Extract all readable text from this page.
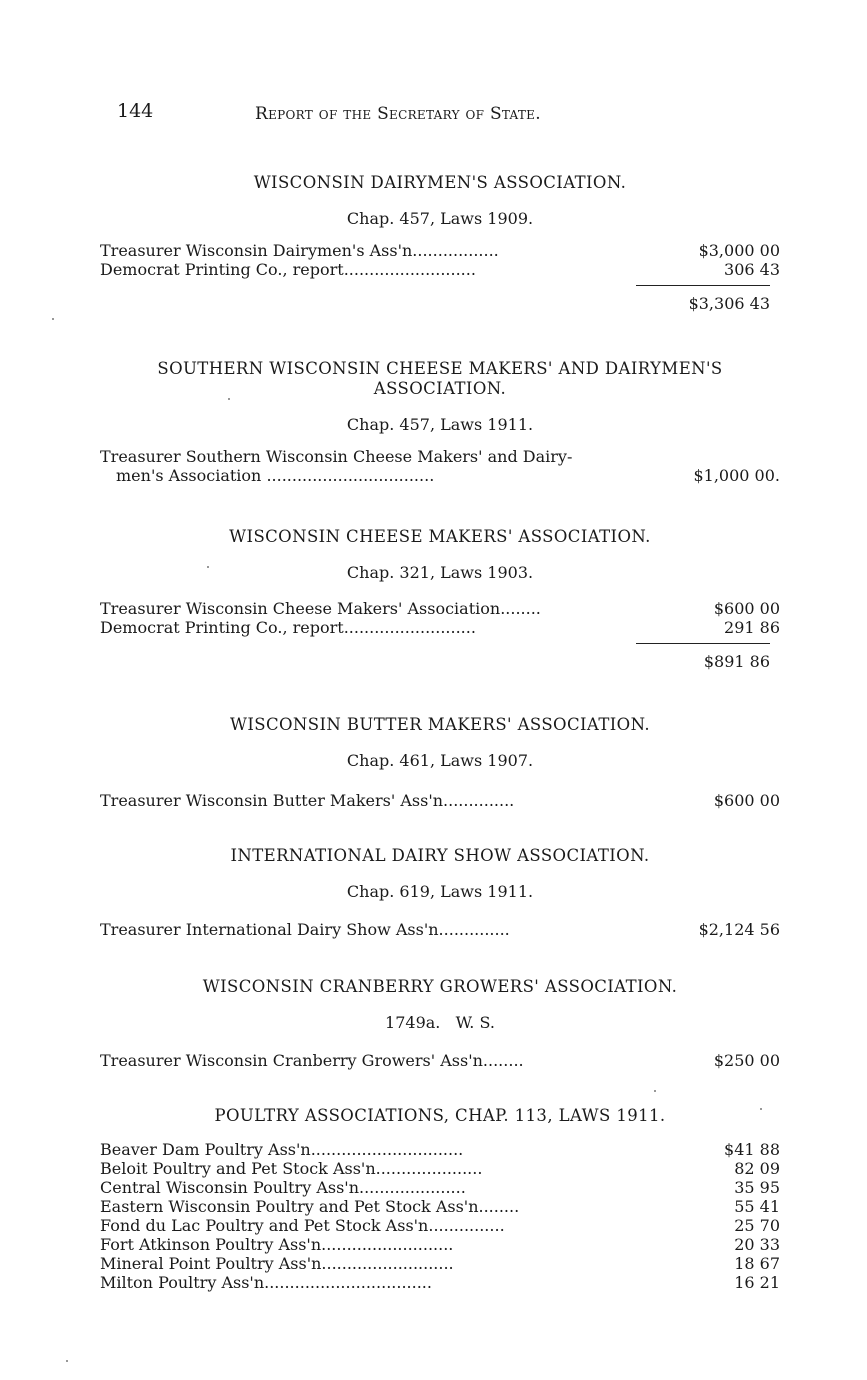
144	Report of the Secretary of State.
WISCONSIN DAIRYMEN'S ASSOCIATION.
Chap. 457, Laws 1909.
Treasurer Wisconsin Dairymen's Ass'n.................	$3,000 00
Democrat Printing Co., report..........................	306 43
$3,306 43
SOUTHERN WISCONSIN CHEESE MAKERS' AND DAIRYMEN'S
ASSOCIATION.
Chap. 457, Laws 1911.
Treasurer Southern Wisconsin Cheese Makers' and Dairy-
men's Association .................................	$1,000 00.
WISCONSIN CHEESE MAKERS' ASSOCIATION.
Chap. 321, Laws 1903.
Treasurer Wisconsin Cheese Makers' Association........	$600 00
Democrat Printing Co., report..........................	291 86
$891 86
WISCONSIN BUTTER MAKERS' ASSOCIATION.
Chap. 461, Laws 1907.
Treasurer Wisconsin Butter Makers' Ass'n..............	$600 00
INTERNATIONAL DAIRY SHOW ASSOCIATION.
Chap. 619, Laws 1911.
Treasurer International Dairy Show Ass'n..............	$2,124 56
WISCONSIN CRANBERRY GROWERS' ASSOCIATION.
1749a.   W. S.
Treasurer Wisconsin Cranberry Growers' Ass'n........	$250 00
POULTRY ASSOCIATIONS, CHAP. 113, LAWS 1911.
Beaver Dam Poultry Ass'n..............................	$41 88
Beloit Poultry and Pet Stock Ass'n.....................	82 09
Central Wisconsin Poultry Ass'n.....................	35 95
Eastern Wisconsin Poultry and Pet Stock Ass'n........	55 41
Fond du Lac Poultry and Pet Stock Ass'n...............	25 70
Fort Atkinson Poultry Ass'n..........................	20 33
Mineral Point Poultry Ass'n..........................	18 67
Milton Poultry Ass'n.................................	16 21
